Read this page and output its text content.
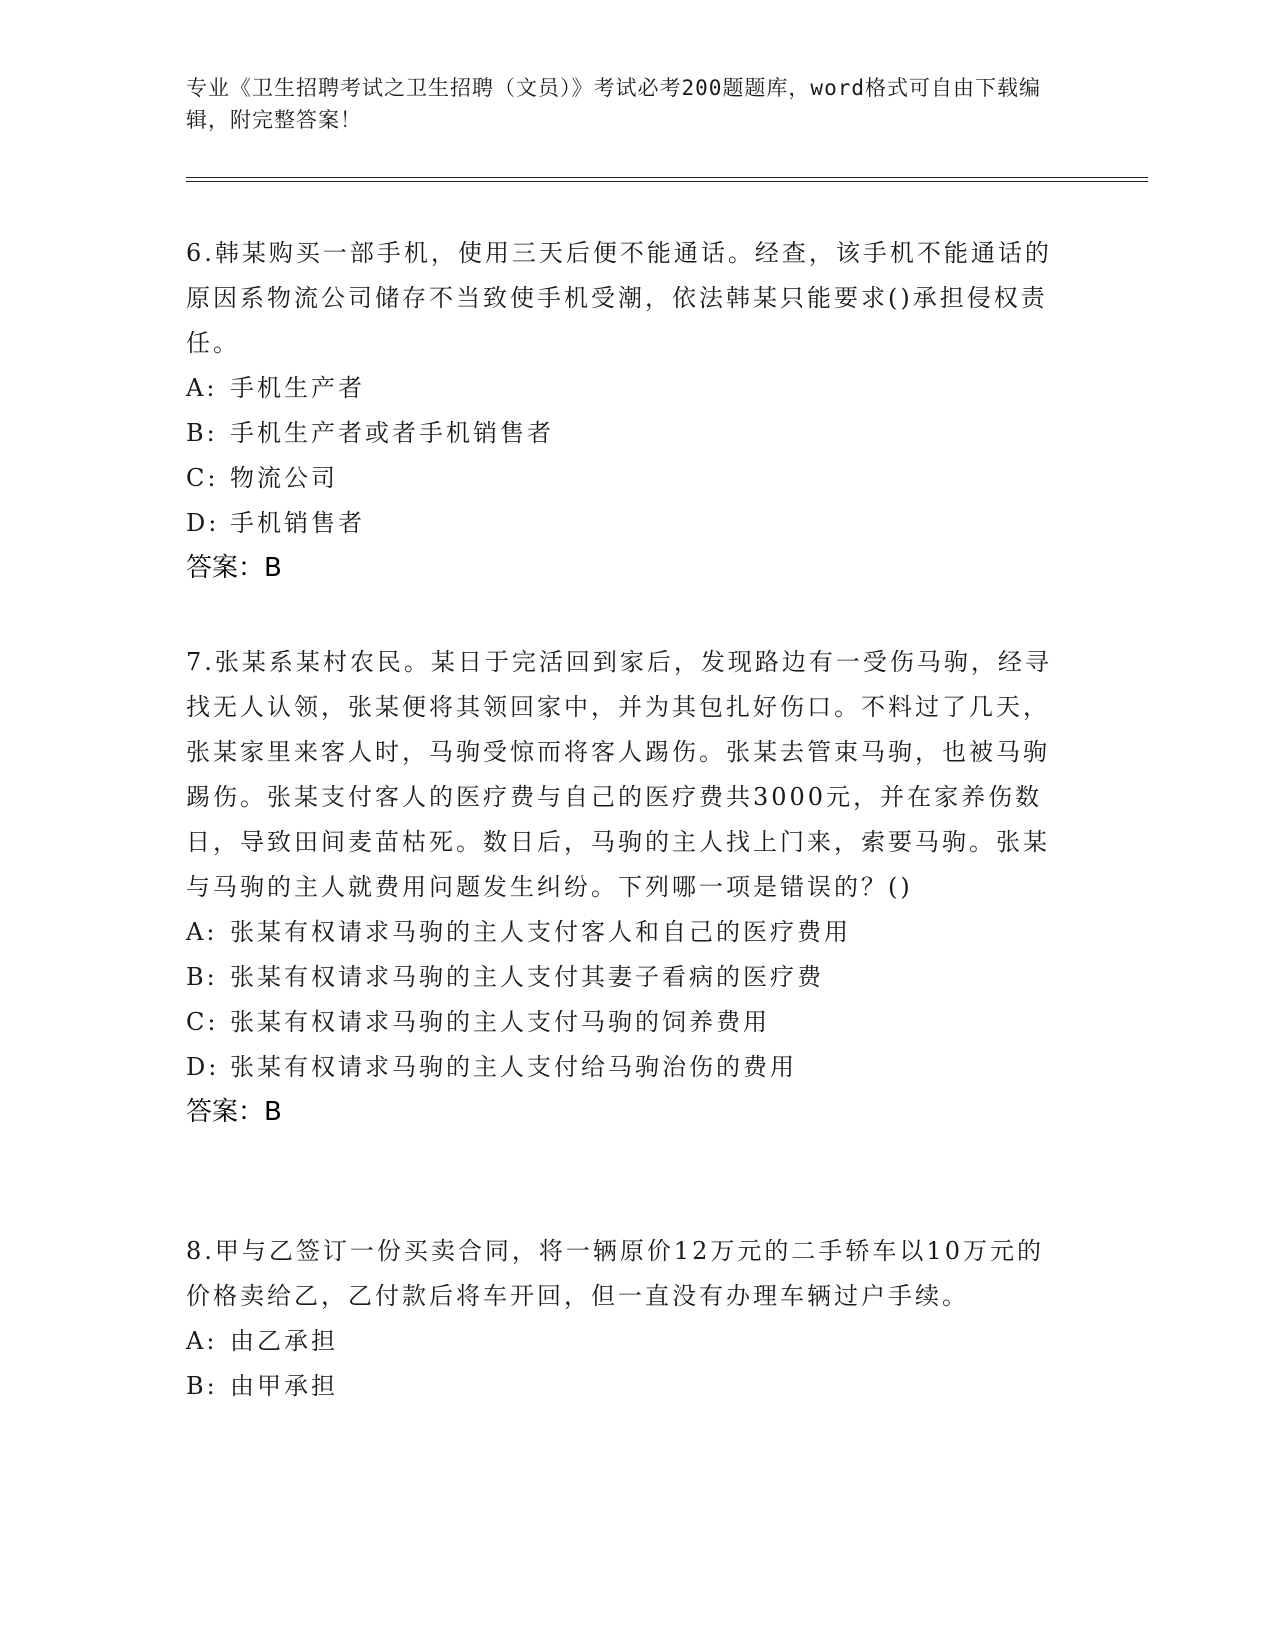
专业《卫生招聘考试之卫生招聘（文员）》考试必考200题题库，word格式可自由下载编辑，附完整答案！

6.韩某购买一部手机，使用三天后便不能通话。经查，该手机不能通话的原因系物流公司储存不当致使手机受潮，依法韩某只能要求()承担侵权责任。

A: 手机生产者

B: 手机生产者或者手机销售者

C: 物流公司

D: 手机销售者

答案：B

7.张某系某村农民。某日于完活回到家后，发现路边有一受伤马驹，经寻找无人认领，张某便将其领回家中，并为其包扎好伤口。不料过了几天，张某家里来客人时，马驹受惊而将客人踢伤。张某去管束马驹，也被马驹踢伤。张某支付客人的医疗费与自己的医疗费共3000元，并在家养伤数日，导致田间麦苗枯死。数日后，马驹的主人找上门来，索要马驹。张某与马驹的主人就费用问题发生纠纷。下列哪一项是错误的？()

A: 张某有权请求马驹的主人支付客人和自己的医疗费用

B: 张某有权请求马驹的主人支付其妻子看病的医疗费

C: 张某有权请求马驹的主人支付马驹的饲养费用

D: 张某有权请求马驹的主人支付给马驹治伤的费用

答案：B

8.甲与乙签订一份买卖合同，将一辆原价12万元的二手轿车以10万元的价格卖给乙，乙付款后将车开回，但一直没有办理车辆过户手续。

A: 由乙承担

B: 由甲承担
